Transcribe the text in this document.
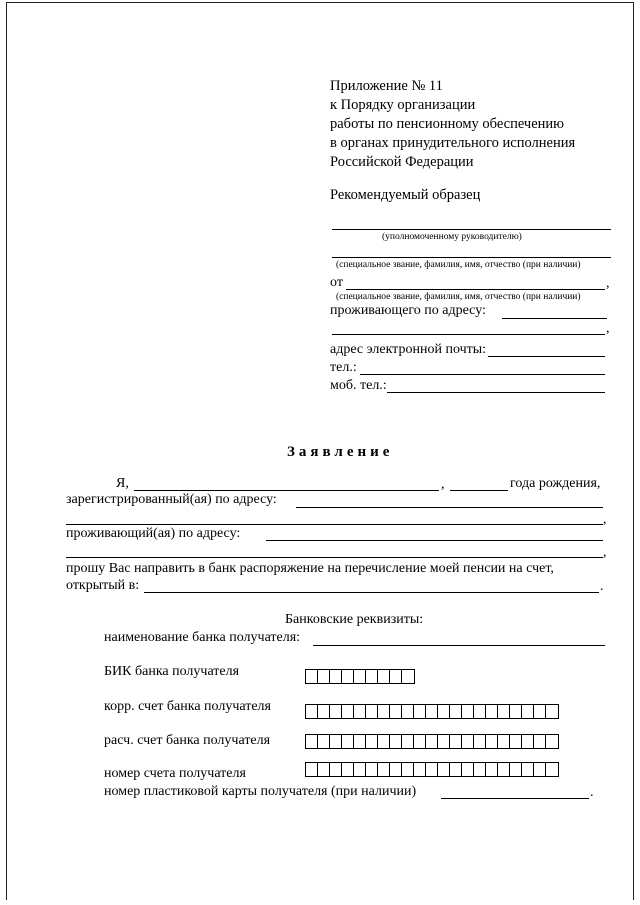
Приложение № 11
к Порядку организации
работы по пенсионному обеспечению
в органах принудительного исполнения
Российской Федерации
Рекомендуемый образец
(уполномоченному руководителю)
(специальное звание, фамилия, имя, отчество (при наличии)
от	,
(специальное звание, фамилия, имя, отчество (при наличии)
проживающего по адресу:
,
адрес электронной почты:
тел.:
моб. тел.:
Заявление
Я,	,	года рождения,
зарегистрированный(ая) по адресу:
,
проживающий(ая) по адресу:
,
прошу Вас направить в банк распоряжение на перечисление моей пенсии на счет,
открытый в:	.
Банковские реквизиты:
наименование банка получателя:
БИК банка получателя
корр. счет банка получателя
расч. счет банка получателя
номер счета получателя
номер пластиковой карты получателя (при наличии)	.
